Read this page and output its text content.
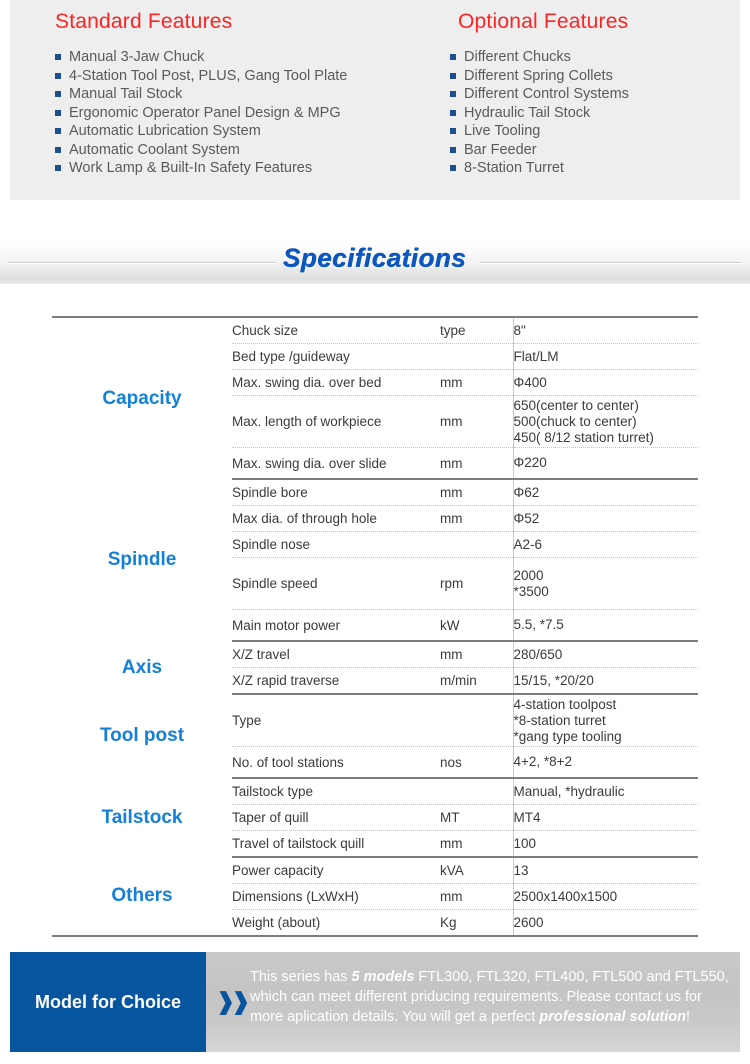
Standard Features
Manual 3-Jaw Chuck
4-Station Tool Post, PLUS, Gang Tool Plate
Manual Tail Stock
Ergonomic Operator Panel Design & MPG
Automatic Lubrication System
Automatic Coolant System
Work Lamp & Built-In Safety Features
Optional Features
Different Chucks
Different Spring Collets
Different Control Systems
Hydraulic Tail Stock
Live Tooling
Bar Feeder
8-Station Turret
Specifications
Capacity	Chuck size	type	8"

	Bed type /guideway		Flat/LM

	Max. swing dia. over bed	mm	Φ400

	Max. length of workpiece	mm	650(center to center)
500(chuck to center)
450( 8/12 station turret)

	Max. swing dia. over slide	mm	Φ220

Spindle	Spindle bore	mm	Φ62

	Max dia. of through hole	mm	Φ52

	Spindle nose		A2-6

	Spindle speed	rpm	2000
*3500

	Main motor power	kW	5.5, *7.5

Axis	X/Z travel	mm	280/650

	X/Z rapid traverse	m/min	15/15, *20/20

Tool post	Type		4-station toolpost
*8-station turret
*gang type tooling

	No. of tool stations	nos	4+2, *8+2

Tailstock	Tailstock type		Manual, *hydraulic

	Taper of quill	MT	MT4

	Travel of tailstock quill	mm	100

Others	Power capacity	kVA	13

	Dimensions (LxWxH)	mm	2500x1400x1500

	Weight (about)	Kg	2600

Model for Choice	❱❱
This series has 5 models FTL300, FTL320, FTL400, FTL500 and FTL550, which can meet different priducing requirements. Please contact us for more aplication details. You will get a perfect professional solution!
